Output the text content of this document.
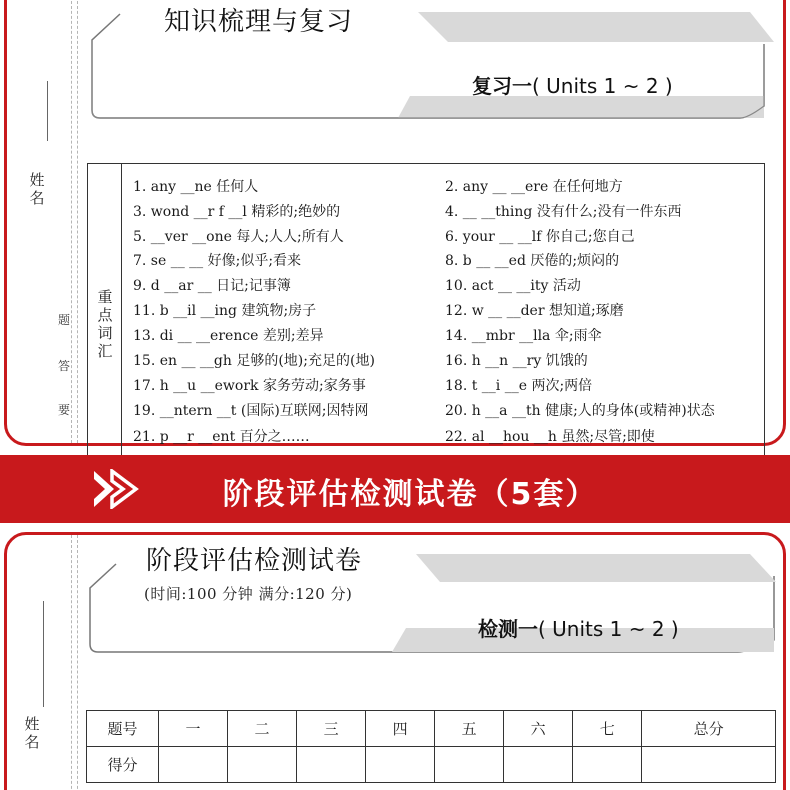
姓名
题
答
要
知识梳理与复习
复习一( Units 1 ~ 2 )
重点词汇
1. any __ne 任何人	2. any __ __ere 在任何地方
3. wond __r f __l 精彩的;绝妙的	4. __ __thing 没有什么;没有一件东西
5. __ver __one 每人;人人;所有人	6. your __ __lf 你自己;您自己
7. se __ __ 好像;似乎;看来	8. b __ __ed 厌倦的;烦闷的
9. d __ar __ 日记;记事簿	10. act __ __ity 活动
11. b __il __ing 建筑物;房子	12. w __ __der 想知道;琢磨
13. di __ __erence 差别;差异	14. __mbr __lla 伞;雨伞
15. en __ __gh 足够的(地);充足的(地)	16. h __n __ry 饥饿的
17. h __u __ework 家务劳动;家务事	18. t __i __e 两次;两倍
19. __ntern __t (国际)互联网;因特网	20. h __a __th 健康;人的身体(或精神)状态
21. p __r __ent 百分之……	22. al __hou __h 虽然;尽管;即使
阶段评估检测试卷（5套）
姓名
阶段评估检测试卷
(时间:100 分钟 满分:120 分)
检测一( Units 1 ~ 2 )
题号	一	二	三	四	五	六	七	总分
得分								
